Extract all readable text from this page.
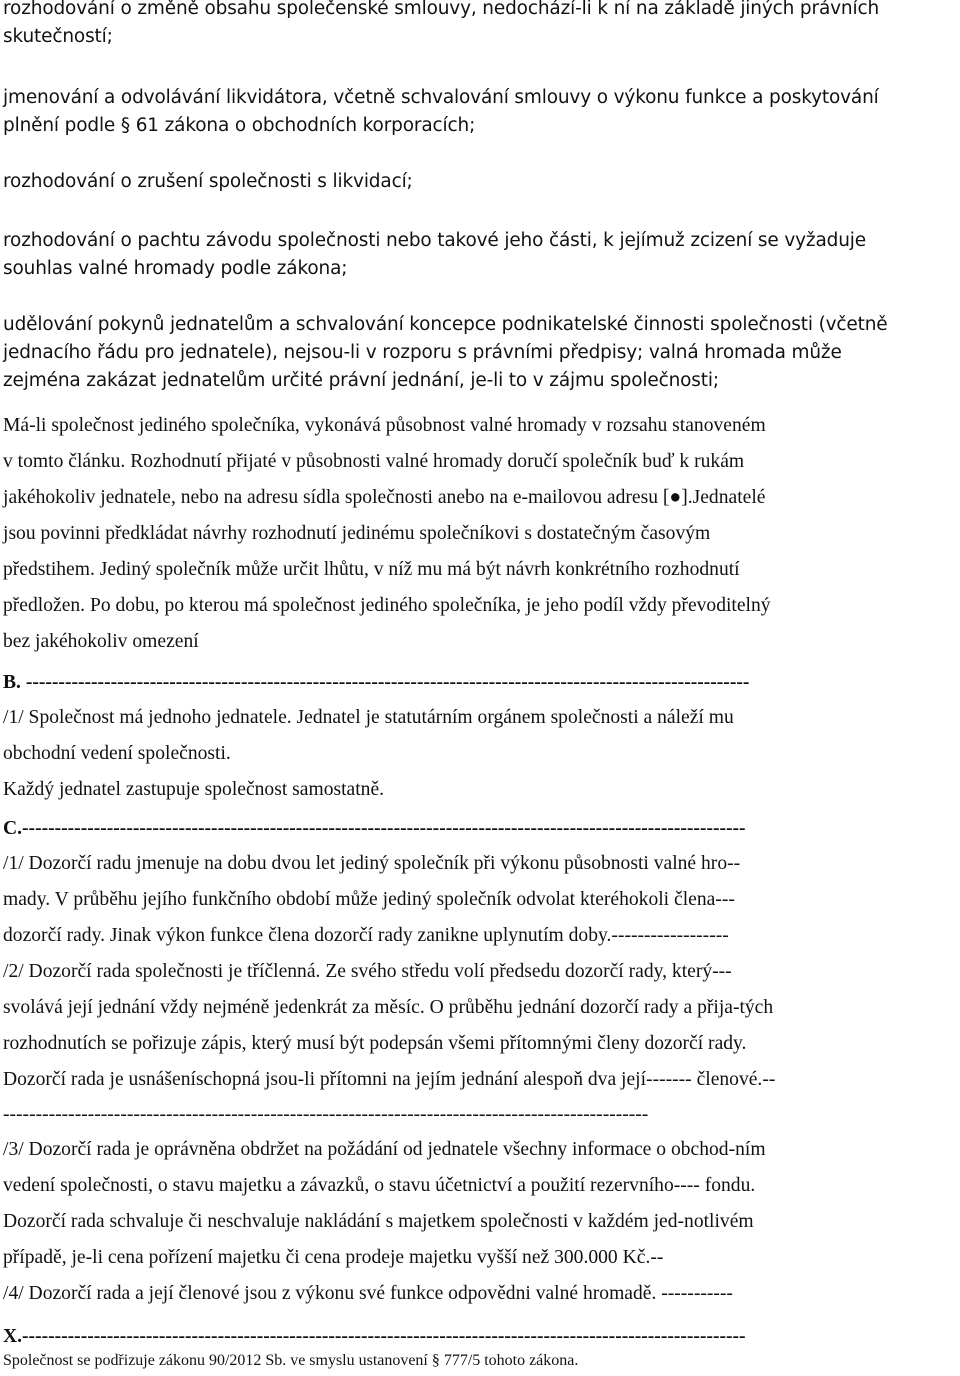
rozhodování o změně obsahu společenské smlouvy, nedochází-li k ní na základě jiných právních
skutečností;
jmenování a odvolávání likvidátora, včetně schvalování smlouvy o výkonu funkce a poskytování
plnění podle § 61 zákona o obchodních korporacích;
rozhodování o zrušení společnosti s likvidací;
rozhodování o pachtu závodu společnosti nebo takové jeho části, k jejímuž zcizení se vyžaduje
souhlas valné hromady podle zákona;
udělování pokynů jednatelům a schvalování koncepce podnikatelské činnosti společnosti (včetně
jednacího řádu pro jednatele), nejsou-li v rozporu s právními předpisy; valná hromada může
zejména zakázat jednatelům určité právní jednání, je-li to v zájmu společnosti;
Má-li společnost jediného společníka, vykonává působnost valné hromady v rozsahu stanoveném
v tomto článku. Rozhodnutí přijaté v působnosti valné hromady doručí společník buď k rukám
jakéhokoliv jednatele, nebo na adresu sídla společnosti anebo na e-mailovou adresu [●].Jednatelé
jsou povinni předkládat návrhy rozhodnutí jedinému společníkovi s dostatečným časovým
předstihem. Jediný společník může určit lhůtu, v níž mu má být návrh konkrétního rozhodnutí
předložen. Po dobu, po kterou má společnost jediného společníka, je jeho podíl vždy převoditelný
bez jakéhokoliv omezení
B. ---------------------------------------------------------------------------------------------------------------
/1/ Společnost má jednoho jednatele. Jednatel je statutárním orgánem společnosti a náleží mu
obchodní vedení společnosti.
Každý jednatel zastupuje společnost samostatně.
C.---------------------------------------------------------------------------------------------------------------
/1/ Dozorčí radu jmenuje na dobu dvou let jediný společník při výkonu působnosti valné hro--
mady. V průběhu jejího funkčního období může jediný společník odvolat kteréhokoli člena---
dozorčí rady. Jinak výkon funkce člena dozorčí rady zanikne uplynutím doby.------------------
/2/ Dozorčí rada společnosti je tříčlenná. Ze svého středu volí předsedu dozorčí rady, který---
svolává její jednání vždy nejméně jedenkrát za měsíc. O průběhu jednání dozorčí rady a přija-tých
rozhodnutích se pořizuje zápis, který musí být podepsán všemi přítomnými členy dozorčí rady.
Dozorčí rada je usnášeníschopná jsou-li přítomni na jejím jednání alespoň dva její------- členové.--
---------------------------------------------------------------------------------------------------
/3/ Dozorčí rada je oprávněna obdržet na požádání od jednatele všechny informace o obchod-ním
vedení společnosti, o stavu majetku a závazků, o stavu účetnictví a použití rezervního---- fondu.
Dozorčí rada schvaluje či neschvaluje nakládání s majetkem společnosti v každém jed-notlivém
případě, je-li cena pořízení majetku či cena prodeje majetku vyšší než 300.000 Kč.--
/4/ Dozorčí rada a její členové jsou z výkonu své funkce odpovědni valné hromadě. -----------
X.---------------------------------------------------------------------------------------------------------------
Společnost se podřizuje zákonu 90/2012 Sb. ve smyslu ustanovení § 777/5 tohoto zákona.
